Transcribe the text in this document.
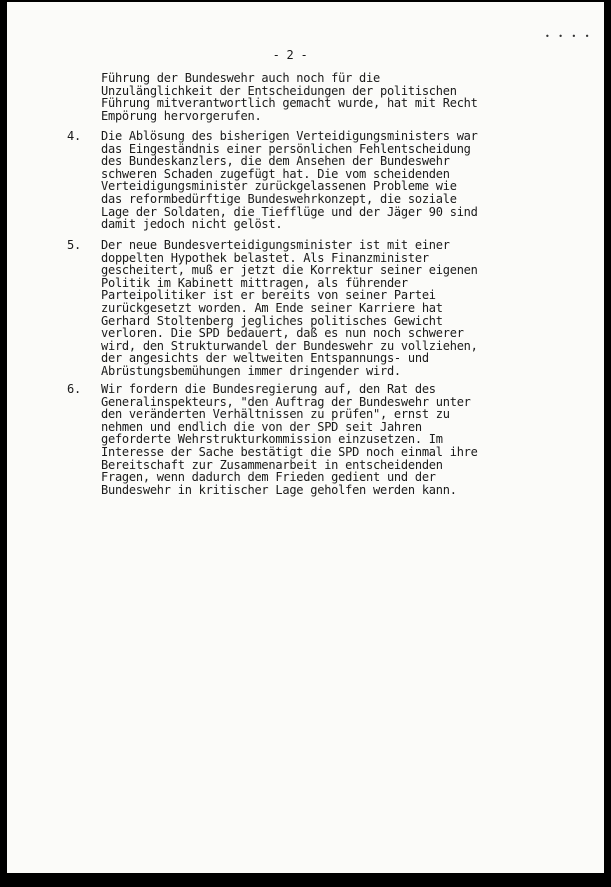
• • • •
- 2 -
Führung der Bundeswehr auch noch für die
Unzulänglichkeit der Entscheidungen der politischen
Führung mitverantwortlich gemacht wurde, hat mit Recht
Empörung hervorgerufen.
4.	Die Ablösung des bisherigen Verteidigungsministers war
das Eingeständnis einer persönlichen Fehlentscheidung
des Bundeskanzlers, die dem Ansehen der Bundeswehr
schweren Schaden zugefügt hat. Die vom scheidenden
Verteidigungsminister zurückgelassenen Probleme wie
das reformbedürftige Bundeswehrkonzept, die soziale
Lage der Soldaten, die Tiefflüge und der Jäger 90 sind
damit jedoch nicht gelöst.
5.	Der neue Bundesverteidigungsminister ist mit einer
doppelten Hypothek belastet. Als Finanzminister
gescheitert, muß er jetzt die Korrektur seiner eigenen
Politik im Kabinett mittragen, als führender
Parteipolitiker ist er bereits von seiner Partei
zurückgesetzt worden. Am Ende seiner Karriere hat
Gerhard Stoltenberg jegliches politisches Gewicht
verloren. Die SPD bedauert, daß es nun noch schwerer
wird, den Strukturwandel der Bundeswehr zu vollziehen,
der angesichts der weltweiten Entspannungs- und
Abrüstungsbemühungen immer dringender wird.
6.	Wir fordern die Bundesregierung auf, den Rat des
Generalinspekteurs, "den Auftrag der Bundeswehr unter
den veränderten Verhältnissen zu prüfen", ernst zu
nehmen und endlich die von der SPD seit Jahren
geforderte Wehrstrukturkommission einzusetzen. Im
Interesse der Sache bestätigt die SPD noch einmal ihre
Bereitschaft zur Zusammenarbeit in entscheidenden
Fragen, wenn dadurch dem Frieden gedient und der
Bundeswehr in kritischer Lage geholfen werden kann.
